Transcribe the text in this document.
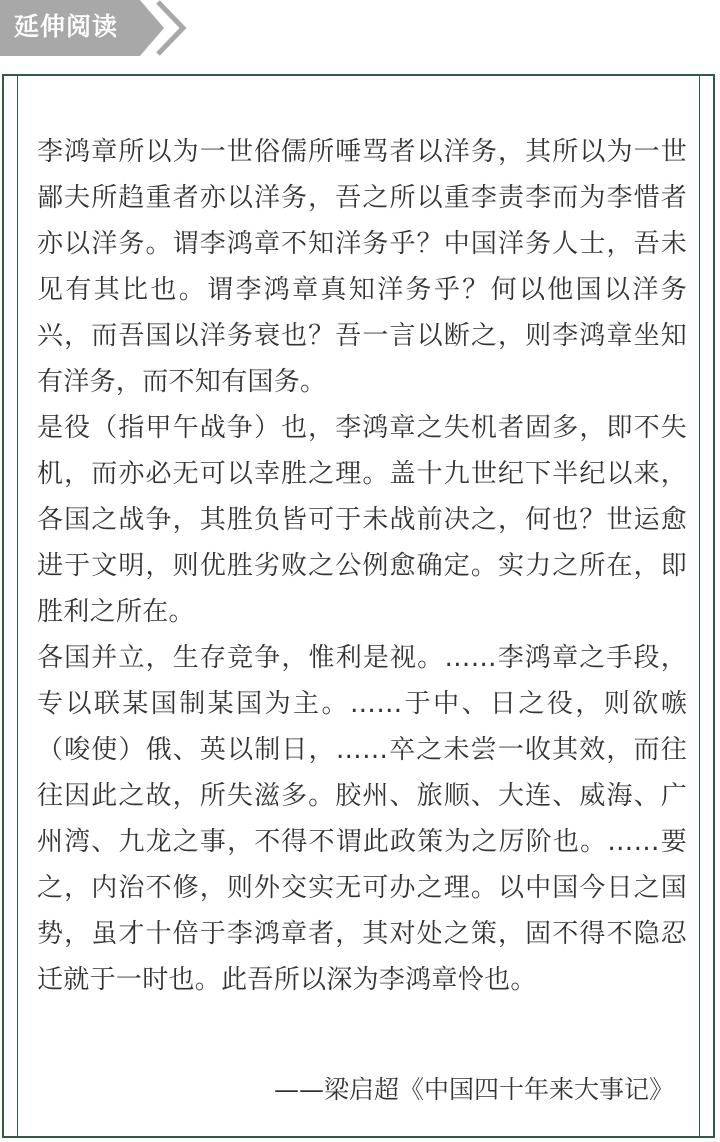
延伸阅读

李鸿章所以为一世俗儒所唾骂者以洋务，其所以为一世鄙夫所趋重者亦以洋务，吾之所以重李责李而为李惜者亦以洋务。谓李鸿章不知洋务乎？中国洋务人士，吾未见有其比也。谓李鸿章真知洋务乎？何以他国以洋务兴，而吾国以洋务衰也？吾一言以断之，则李鸿章坐知有洋务，而不知有国务。

是役（指甲午战争）也，李鸿章之失机者固多，即不失机，而亦必无可以幸胜之理。盖十九世纪下半纪以来，各国之战争，其胜负皆可于未战前决之，何也？世运愈进于文明，则优胜劣败之公例愈确定。实力之所在，即胜利之所在。

各国并立，生存竞争，惟利是视。……李鸿章之手段，专以联某国制某国为主。……于中、日之役，则欲嗾（唆使）俄、英以制日，……卒之未尝一收其效，而往往因此之故，所失滋多。胶州、旅顺、大连、威海、广州湾、九龙之事，不得不谓此政策为之厉阶也。……要之，内治不修，则外交实无可办之理。以中国今日之国势，虽才十倍于李鸿章者，其对处之策，固不得不隐忍迁就于一时也。此吾所以深为李鸿章怜也。

——梁启超《中国四十年来大事记》
